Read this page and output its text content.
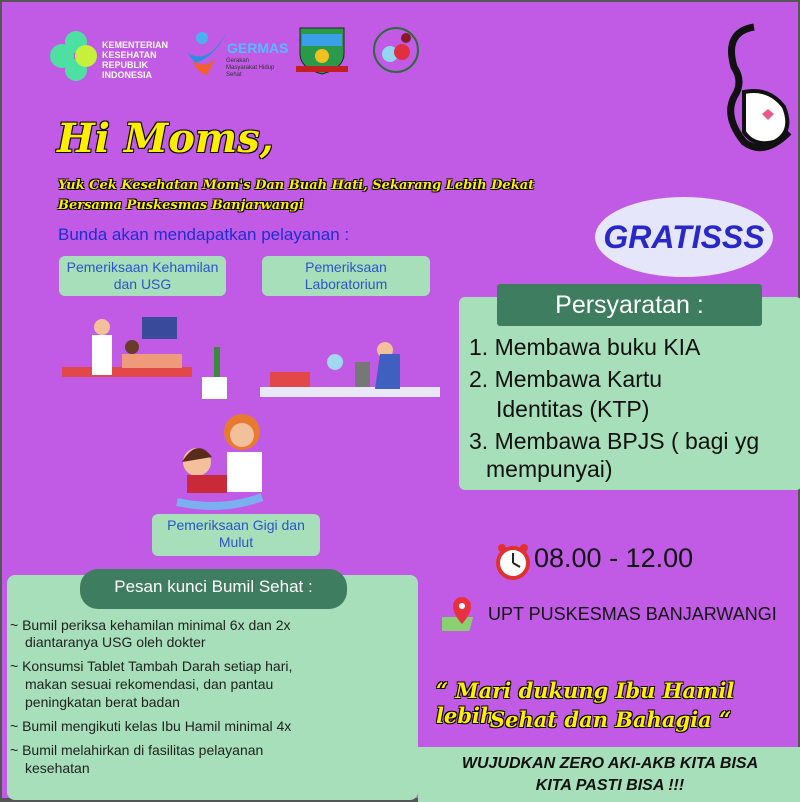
KEMENTERIAN
KESEHATAN
REPUBLIK
INDONESIA
GERMAS
Gerakan Masyarakat Hidup Sehat
Hi Moms,
Yuk Cek Kesehatan Mom's Dan Buah Hati, Sekarang Lebih Dekat
Bersama Puskesmas Banjarwangi
Bunda akan mendapatkan pelayanan :
Pemeriksaan Kehamilan dan USG
Pemeriksaan Laboratorium
Pemeriksaan Gigi dan Mulut
GRATISSS
1. Membawa buku KIA
2. Membawa Kartu
Identitas (KTP)
3. Membawa BPJS ( bagi yg
mempunyai)
Persyaratan :
08.00 - 12.00
UPT PUSKESMAS BANJARWANGI
“ Mari dukung Ibu Hamil lebih
Sehat dan Bahagia “
~ Bumil periksa kehamilan minimal 6x dan 2x
diantaranya USG oleh dokter
~ Konsumsi Tablet Tambah Darah setiap hari,
makan sesuai rekomendasi, dan pantau
peningkatan berat badan
~ Bumil mengikuti kelas Ibu Hamil minimal 4x
~ Bumil melahirkan di fasilitas pelayanan
kesehatan
Pesan kunci Bumil Sehat :
WUJUDKAN ZERO AKI-AKB KITA BISA
KITA PASTI BISA !!!
